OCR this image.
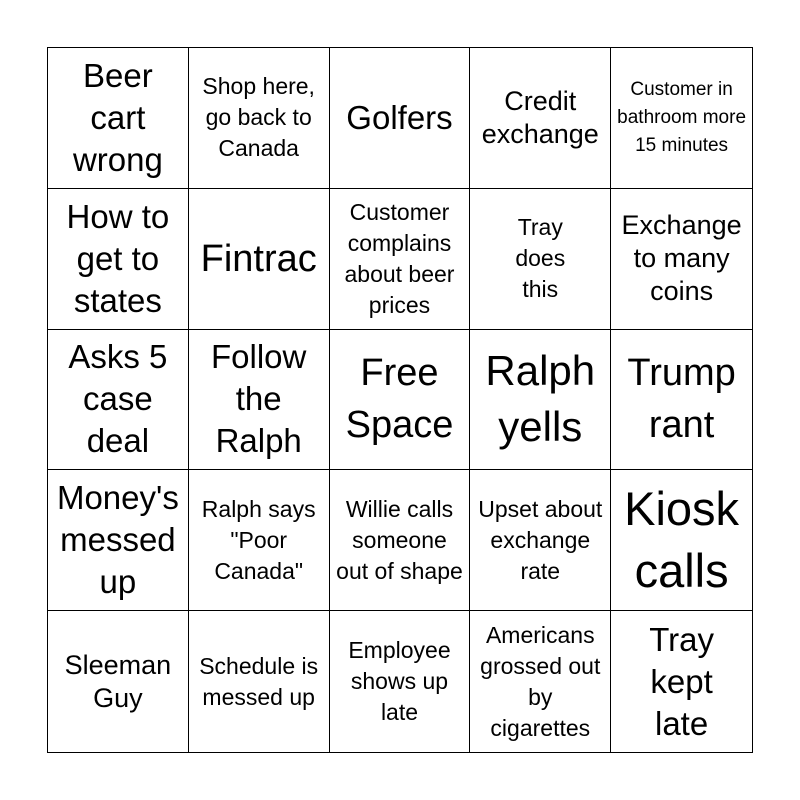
Beer cart wrong
Shop here, go back to Canada
Golfers	Credit exchange
Customer in bathroom more 15 minutes
How to get to states
Fintrac
Customer complains about beer prices
Tray does this
Exchange to many coins
Asks 5 case deal
Follow the Ralph
Free Space
Ralph yells
Trump rant
Money's messed up
Ralph says "Poor Canada"
Willie calls someone out of shape
Upset about exchange rate
Kiosk calls
Sleeman Guy
Schedule is messed up
Employee shows up late
Americans grossed out by cigarettes
Tray kept late
